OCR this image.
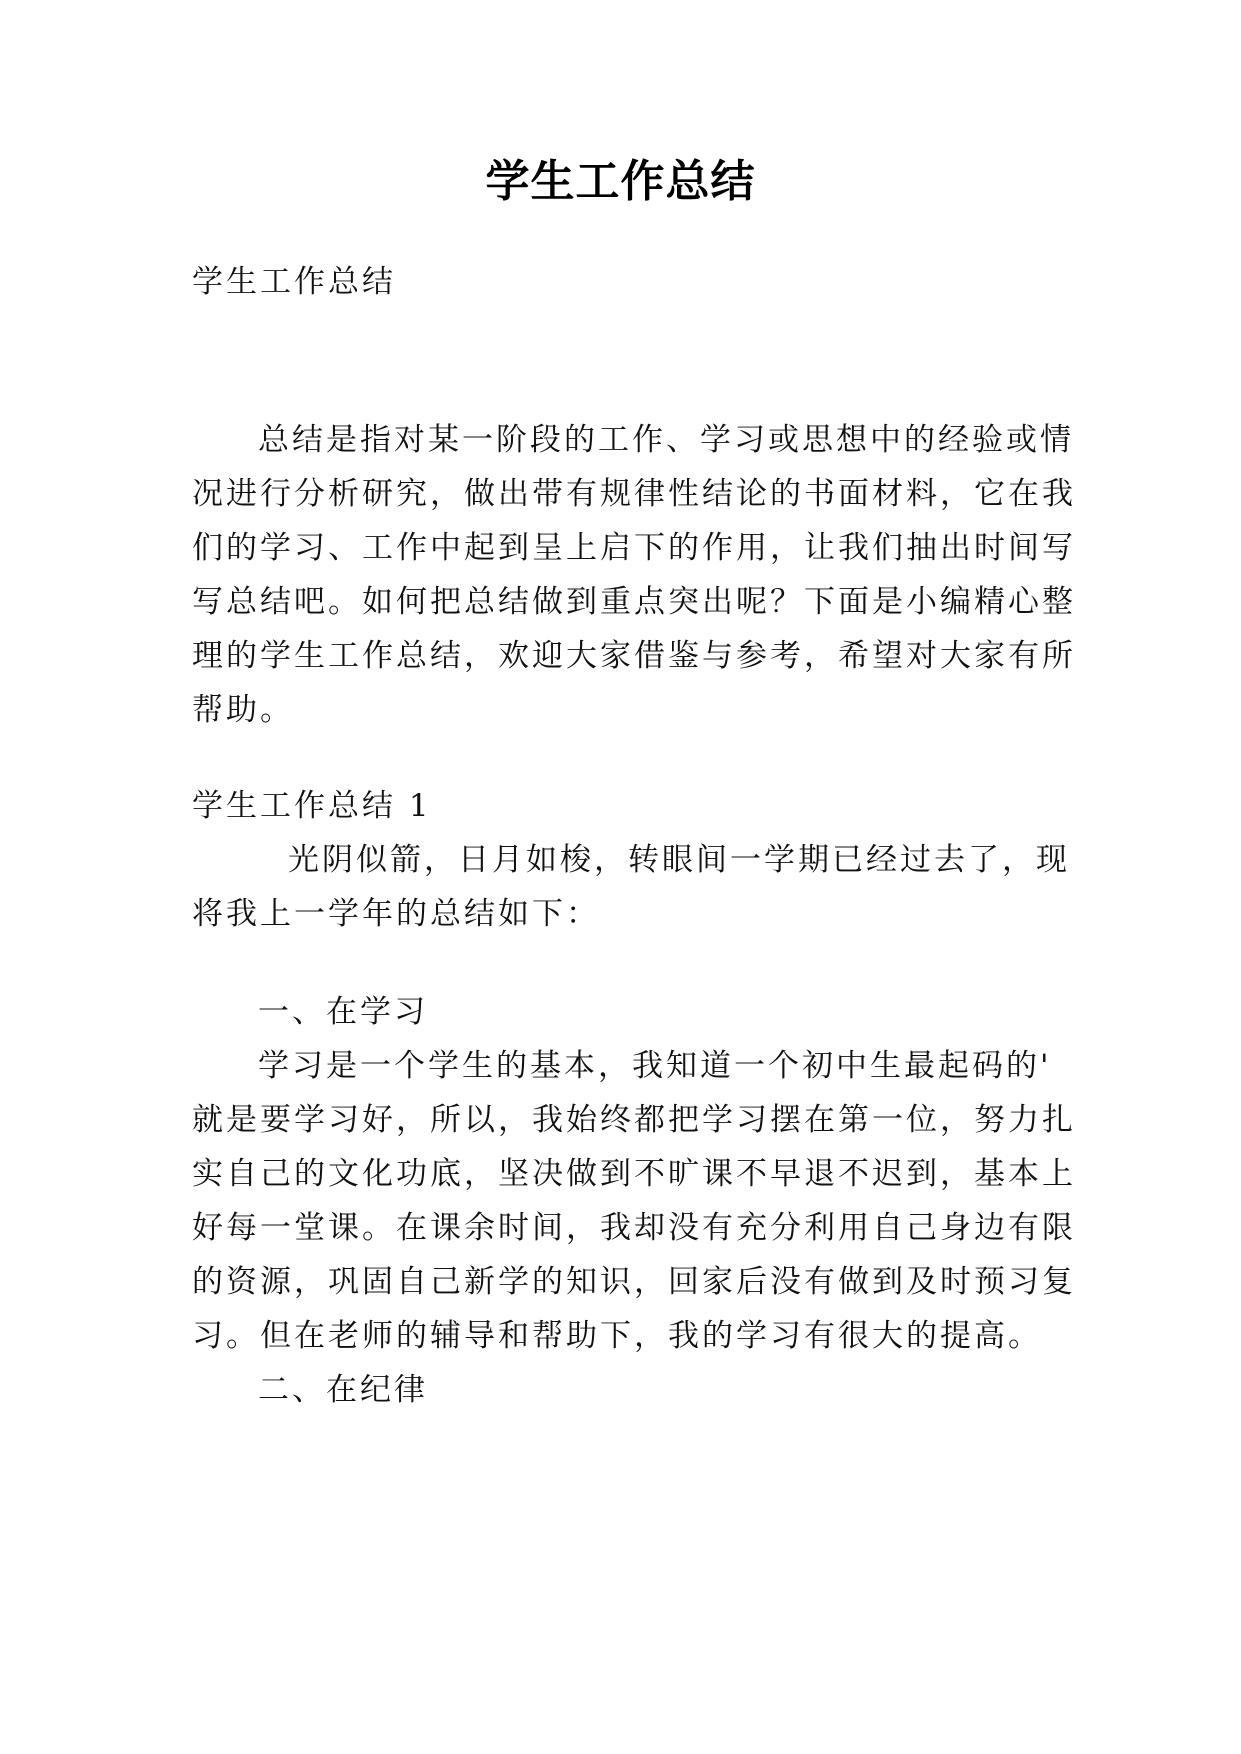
学生工作总结
学生工作总结
总结是指对某一阶段的工作、学习或思想中的经验或情
况进行分析研究，做出带有规律性结论的书面材料，它在我
们的学习、工作中起到呈上启下的作用，让我们抽出时间写
写总结吧。如何把总结做到重点突出呢？下面是小编精心整
理的学生工作总结，欢迎大家借鉴与参考，希望对大家有所
帮助。
学生工作总结 1
光阴似箭，日月如梭，转眼间一学期已经过去了，现
将我上一学年的总结如下：
一、在学习
学习是一个学生的基本，我知道一个初中生最起码的'
就是要学习好，所以，我始终都把学习摆在第一位，努力扎
实自己的文化功底，坚决做到不旷课不早退不迟到，基本上
好每一堂课。在课余时间，我却没有充分利用自己身边有限
的资源，巩固自己新学的知识，回家后没有做到及时预习复
习。但在老师的辅导和帮助下，我的学习有很大的提高。
二、在纪律
